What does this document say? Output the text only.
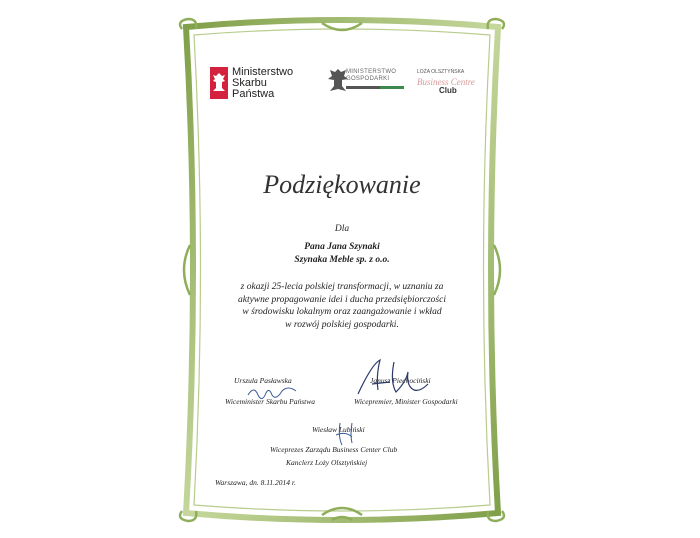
Ministerstwo
Skarbu
Państwa
MINISTERSTWO
GOSPODARKI
LOŻA OLSZTYŃSKA
Business Centre
Club
Podziękowanie
Dla
Pana Jana Szynaki
Szynaka Meble sp. z o.o.
z okazji 25-lecia polskiej transformacji, w uznaniu za
aktywne propagowanie idei i ducha przedsiębiorczości
w środowisku lokalnym oraz zaangażowanie i wkład
w rozwój polskiej gospodarki.
Urszula Pasławska
Wiceminister Skarbu Państwa
Janusz Piechociński
Wicepremier, Minister Gospodarki
Wiesław Lubiński
Wiceprezes Zarządu Business Center Club
Kanclerz Loży Olsztyńskiej
Warszawa, dn. 8.11.2014 r.
